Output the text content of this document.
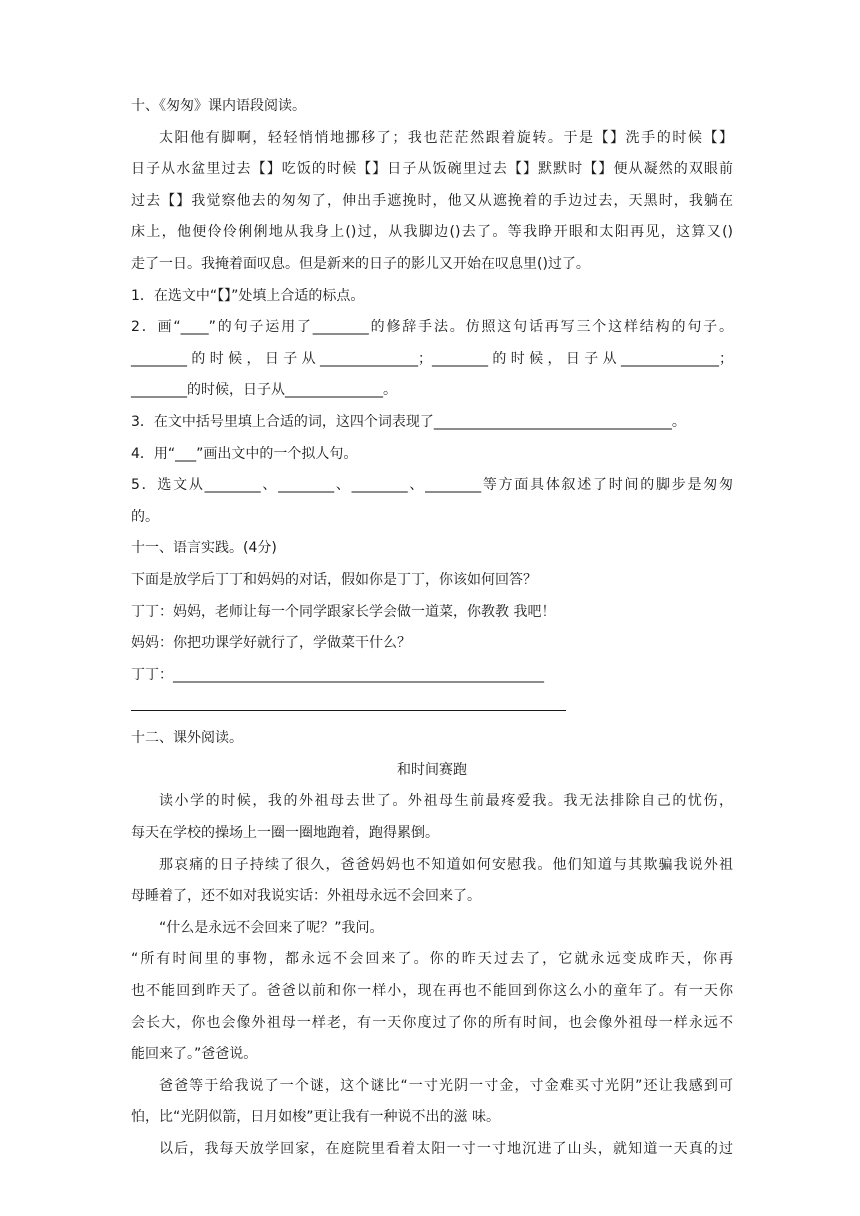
十、《匆匆》课内语段阅读。
太阳他有脚啊，轻轻悄悄地挪移了；我也茫茫然跟着旋转。于是【】洗手的时候【】
日子从水盆里过去【】吃饭的时候【】日子从饭碗里过去【】默默时【】便从凝然的双眼前
过去【】我觉察他去的匆匆了，伸出手遮挽时，他又从遮挽着的手边过去，天黑时，我躺在
床上，他便伶伶俐俐地从我身上()过，从我脚边()去了。等我睁开眼和太阳再见，这算又()
走了一日。我掩着面叹息。但是新来的日子的影儿又开始在叹息里()过了。
1．在选文中“【】”处填上合适的标点。
2．画“____”的句子运用了________的修辞手法。仿照这句话再写三个这样结构的句子。
________的时候，日子从______________；________的时候，日子从______________；
________的时候，日子从______________。
3．在文中括号里填上合适的词，这四个词表现了__________________________________。
4．用“___”画出文中的一个拟人句。
5．选文从________、________、________、________等方面具体叙述了时间的脚步是匆匆
的。
十一、语言实践。(4分)
下面是放学后丁丁和妈妈的对话，假如你是丁丁，你该如何回答？
丁丁：妈妈，老师让每一个同学跟家长学会做一道菜，你教教 我吧！
妈妈：你把功课学好就行了，学做菜干什么？
丁丁：_____________________________________________________
十二、课外阅读。
和时间赛跑
读小学的时候，我的外祖母去世了。外祖母生前最疼爱我。我无法排除自己的忧伤，
每天在学校的操场上一圈一圈地跑着，跑得累倒。
那哀痛的日子持续了很久，爸爸妈妈也不知道如何安慰我。他们知道与其欺骗我说外祖
母睡着了，还不如对我说实话：外祖母永远不会回来了。
“什么是永远不会回来了呢？”我问。
“所有时间里的事物，都永远不会回来了。你的昨天过去了，它就永远变成昨天，你再
也不能回到昨天了。爸爸以前和你一样小，现在再也不能回到你这么小的童年了。有一天你
会长大，你也会像外祖母一样老，有一天你度过了你的所有时间，也会像外祖母一样永远不
能回来了。”爸爸说。
爸爸等于给我说了一个谜，这个谜比“一寸光阴一寸金，寸金难买寸光阴”还让我感到可
怕，比“光阴似箭，日月如梭”更让我有一种说不出的滋 味。
以后，我每天放学回家，在庭院里看着太阳一寸一寸地沉进了山头，就知道一天真的过
